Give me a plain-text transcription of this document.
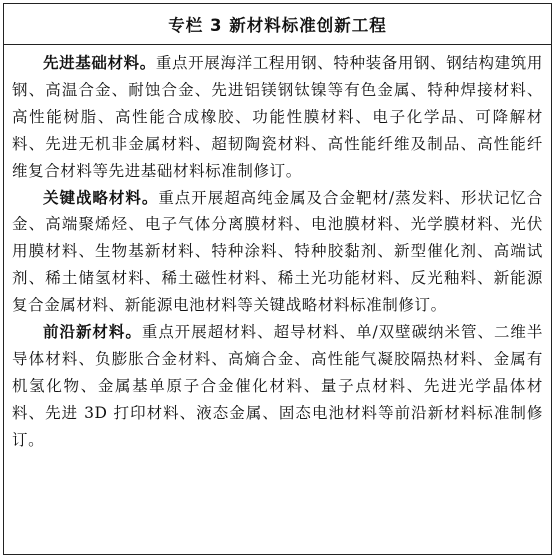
专栏 3 新材料标准创新工程

先进基础材料。重点开展海洋工程用钢、特种装备用钢、钢结构建筑用钢、高温合金、耐蚀合金、先进铝镁钢钛镍等有色金属、特种焊接材料、高性能树脂、高性能合成橡胶、功能性膜材料、电子化学品、可降解材料、先进无机非金属材料、超韧陶瓷材料、高性能纤维及制品、高性能纤维复合材料等先进基础材料标准制修订。

关键战略材料。重点开展超高纯金属及合金靶材/蒸发料、形状记忆合金、高端聚烯烃、电子气体分离膜材料、电池膜材料、光学膜材料、光伏用膜材料、生物基新材料、特种涂料、特种胶黏剂、新型催化剂、高端试剂、稀土储氢材料、稀土磁性材料、稀土光功能材料、反光釉料、新能源复合金属材料、新能源电池材料等关键战略材料标准制修订。

前沿新材料。重点开展超材料、超导材料、单/双壁碳纳米管、二维半导体材料、负膨胀合金材料、高熵合金、高性能气凝胶隔热材料、金属有机氢化物、金属基单原子合金催化材料、量子点材料、先进光学晶体材料、先进 3D 打印材料、液态金属、固态电池材料等前沿新材料标准制修订。
